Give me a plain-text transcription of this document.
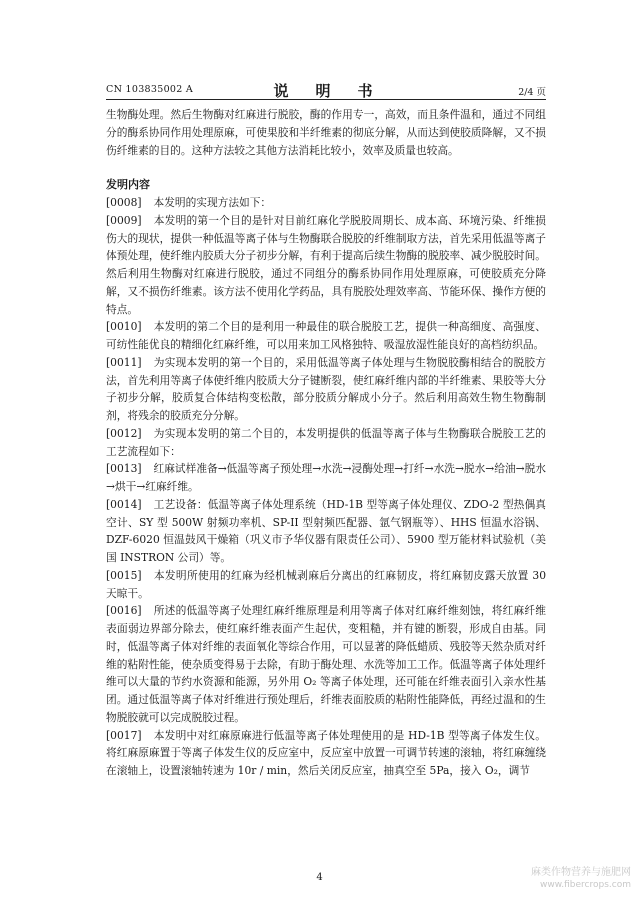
CN 103835002 A	说　明　书	2/4 页

生物酶处理。然后生物酶对红麻进行脱胶，酶的作用专一，高效，而且条件温和，通过不同组分的酶系协同作用处理原麻，可使果胶和半纤维素的彻底分解，从而达到使胶质降解，又不损伤纤维素的目的。这种方法较之其他方法消耗比较小，效率及质量也较高。

发明内容

[0008] 本发明的实现方法如下：

[0009] 本发明的第一个目的是针对目前红麻化学脱胶周期长、成本高、环境污染、纤维损伤大的现状，提供一种低温等离子体与生物酶联合脱胶的纤维制取方法，首先采用低温等离子体预处理，使纤维内胶质大分子初步分解，有利于提高后续生物酶的脱胶率、减少脱胶时间。然后利用生物酶对红麻进行脱胶，通过不同组分的酶系协同作用处理原麻，可使胶质充分降解，又不损伤纤维素。该方法不使用化学药品，具有脱胶处理效率高、节能环保、操作方便的特点。

[0010] 本发明的第二个目的是利用一种最佳的联合脱胶工艺，提供一种高细度、高强度、可纺性能优良的精细化红麻纤维，可以用来加工风格独特、吸湿放湿性能良好的高档纺织品。

[0011] 为实现本发明的第一个目的，采用低温等离子体处理与生物脱胶酶相结合的脱胶方法，首先利用等离子体使纤维内胶质大分子键断裂，使红麻纤维内部的半纤维素、果胶等大分子初步分解，胶质复合体结构变松散，部分胶质分解成小分子。然后利用高效生物生物酶制剂，将残余的胶质充分分解。

[0012] 为实现本发明的第二个目的，本发明提供的低温等离子体与生物酶联合脱胶工艺的工艺流程如下：

[0013] 红麻试样准备→低温等离子预处理→水洗→浸酶处理→打纤→水洗→脱水→给油→脱水→烘干→红麻纤维。

[0014] 工艺设备：低温等离子体处理系统（HD-1B 型等离子体处理仪、ZDO-2 型热偶真空计、SY 型 500W 射频功率机、SP-II 型射频匹配器、氩气钢瓶等）、HHS 恒温水浴锅、DZF-6020 恒温鼓风干燥箱（巩义市予华仪器有限责任公司）、5900 型万能材料试验机（美国 INSTRON 公司）等。

[0015] 本发明所使用的红麻为经机械剥麻后分离出的红麻韧皮，将红麻韧皮露天放置 30 天晾干。

[0016] 所述的低温等离子处理红麻纤维原理是利用等离子体对红麻纤维刻蚀，将红麻纤维表面弱边界部分除去，使红麻纤维表面产生起伏，变粗糙，并有键的断裂，形成自由基。同时，低温等离子体对纤维的表面氧化等综合作用，可以显著的降低蜡质、残胶等天然杂质对纤维的粘附性能，使杂质变得易于去除，有助于酶处理、水洗等加工工作。低温等离子体处理纤维可以大量的节约水资源和能源，另外用 O₂ 等离子体处理，还可能在纤维表面引入亲水性基团。通过低温等离子体对纤维进行预处理后，纤维表面胶质的粘附性能降低，再经过温和的生物脱胶就可以完成脱胶过程。

[0017] 本发明中对红麻原麻进行低温等离子体处理使用的是 HD-1B 型等离子体发生仪。将红麻原麻置于等离子体发生仪的反应室中，反应室中放置一可调节转速的滚轴，将红麻缠绕在滚轴上，设置滚轴转速为 10r / min，然后关闭反应室，抽真空至 5Pa，接入 O₂，调节

4	麻类作物营养与施肥网
www.fibercrops.com
